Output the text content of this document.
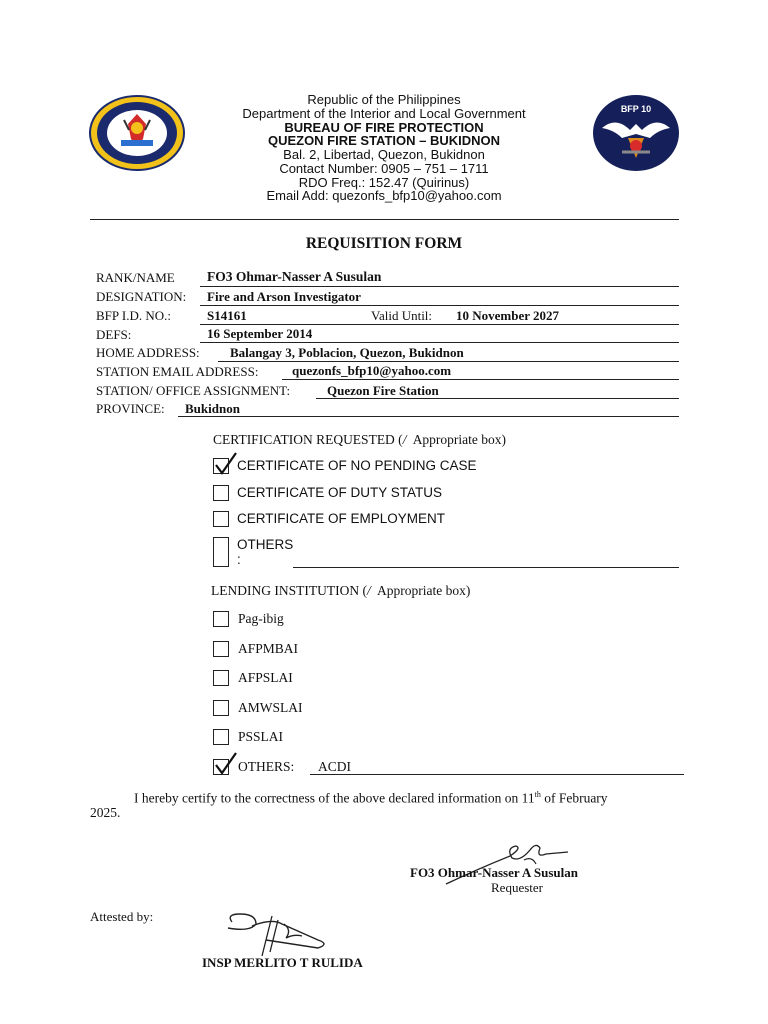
BFP 10
Republic of the Philippines
Department of the Interior and Local Government
BUREAU OF FIRE PROTECTION
QUEZON FIRE STATION – BUKIDNON
Bal. 2, Libertad, Quezon, Bukidnon
Contact Number: 0905 – 751 – 1711
RDO Freq.: 152.47 (Quirinus)
Email Add: quezonfs_bfp10@yahoo.com
REQUISITION FORM
RANK/NAME FO3 Ohmar-Nasser A Susulan
DESIGNATION: Fire and Arson Investigator
BFP I.D. NO.:	S14161	Valid Until: 10 November 2027
DEFS:	16 September 2014
HOME ADDRESS: Balangay 3, Poblacion, Quezon, Bukidnon
STATION EMAIL ADDRESS:	quezonfs_bfp10@yahoo.com
STATION/ OFFICE ASSIGNMENT:	Quezon Fire Station
PROVINCE: Bukidnon
CERTIFICATION REQUESTED (/ Appropriate box)
CERTIFICATE OF NO PENDING CASE
CERTIFICATE OF DUTY STATUS
CERTIFICATE OF EMPLOYMENT
OTHERS
:
LENDING INSTITUTION (/ Appropriate box)
Pag-ibig
AFPMBAI
AFPSLAI
AMWSLAI
PSSLAI
OTHERS: ACDI
I hereby certify to the correctness of the above declared information on 11th of February
2025.
FO3 Ohmar-Nasser A Susulan
Requester
Attested by:
INSP MERLITO T RULIDA
